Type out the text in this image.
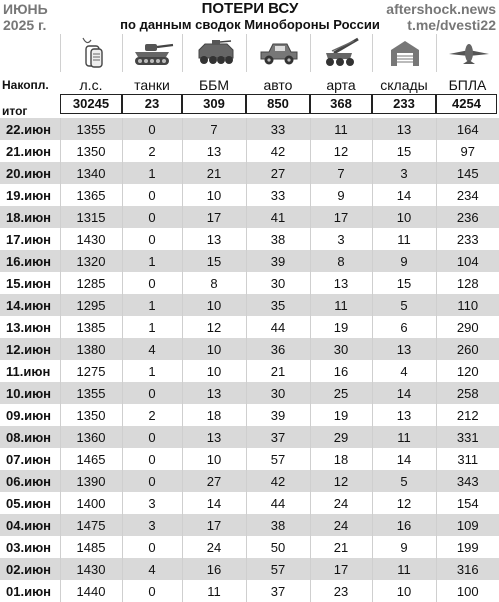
ИЮНЬ
2025 г.
ПОТЕРИ ВСУ
по данным сводок Минобороны России
aftershock.news
t.me/dvesti22
Накопл.	л.с.	танки	ББМ	авто	арта	склады	БПЛА
итог	30245	23	309	850	368	233	4254
22.июн	1355	0	7	33	11	13	164
21.июн	1350	2	13	42	12	15	97
20.июн	1340	1	21	27	7	3	145
19.июн	1365	0	10	33	9	14	234
18.июн	1315	0	17	41	17	10	236
17.июн	1430	0	13	38	3	11	233
16.июн	1320	1	15	39	8	9	104
15.июн	1285	0	8	30	13	15	128
14.июн	1295	1	10	35	11	5	110
13.июн	1385	1	12	44	19	6	290
12.июн	1380	4	10	36	30	13	260
11.июн	1275	1	10	21	16	4	120
10.июн	1355	0	13	30	25	14	258
09.июн	1350	2	18	39	19	13	212
08.июн	1360	0	13	37	29	11	331
07.июн	1465	0	10	57	18	14	311
06.июн	1390	0	27	42	12	5	343
05.июн	1400	3	14	44	24	12	154
04.июн	1475	3	17	38	24	16	109
03.июн	1485	0	24	50	21	9	199
02.июн	1430	4	16	57	17	11	316
01.июн	1440	0	11	37	23	10	100
